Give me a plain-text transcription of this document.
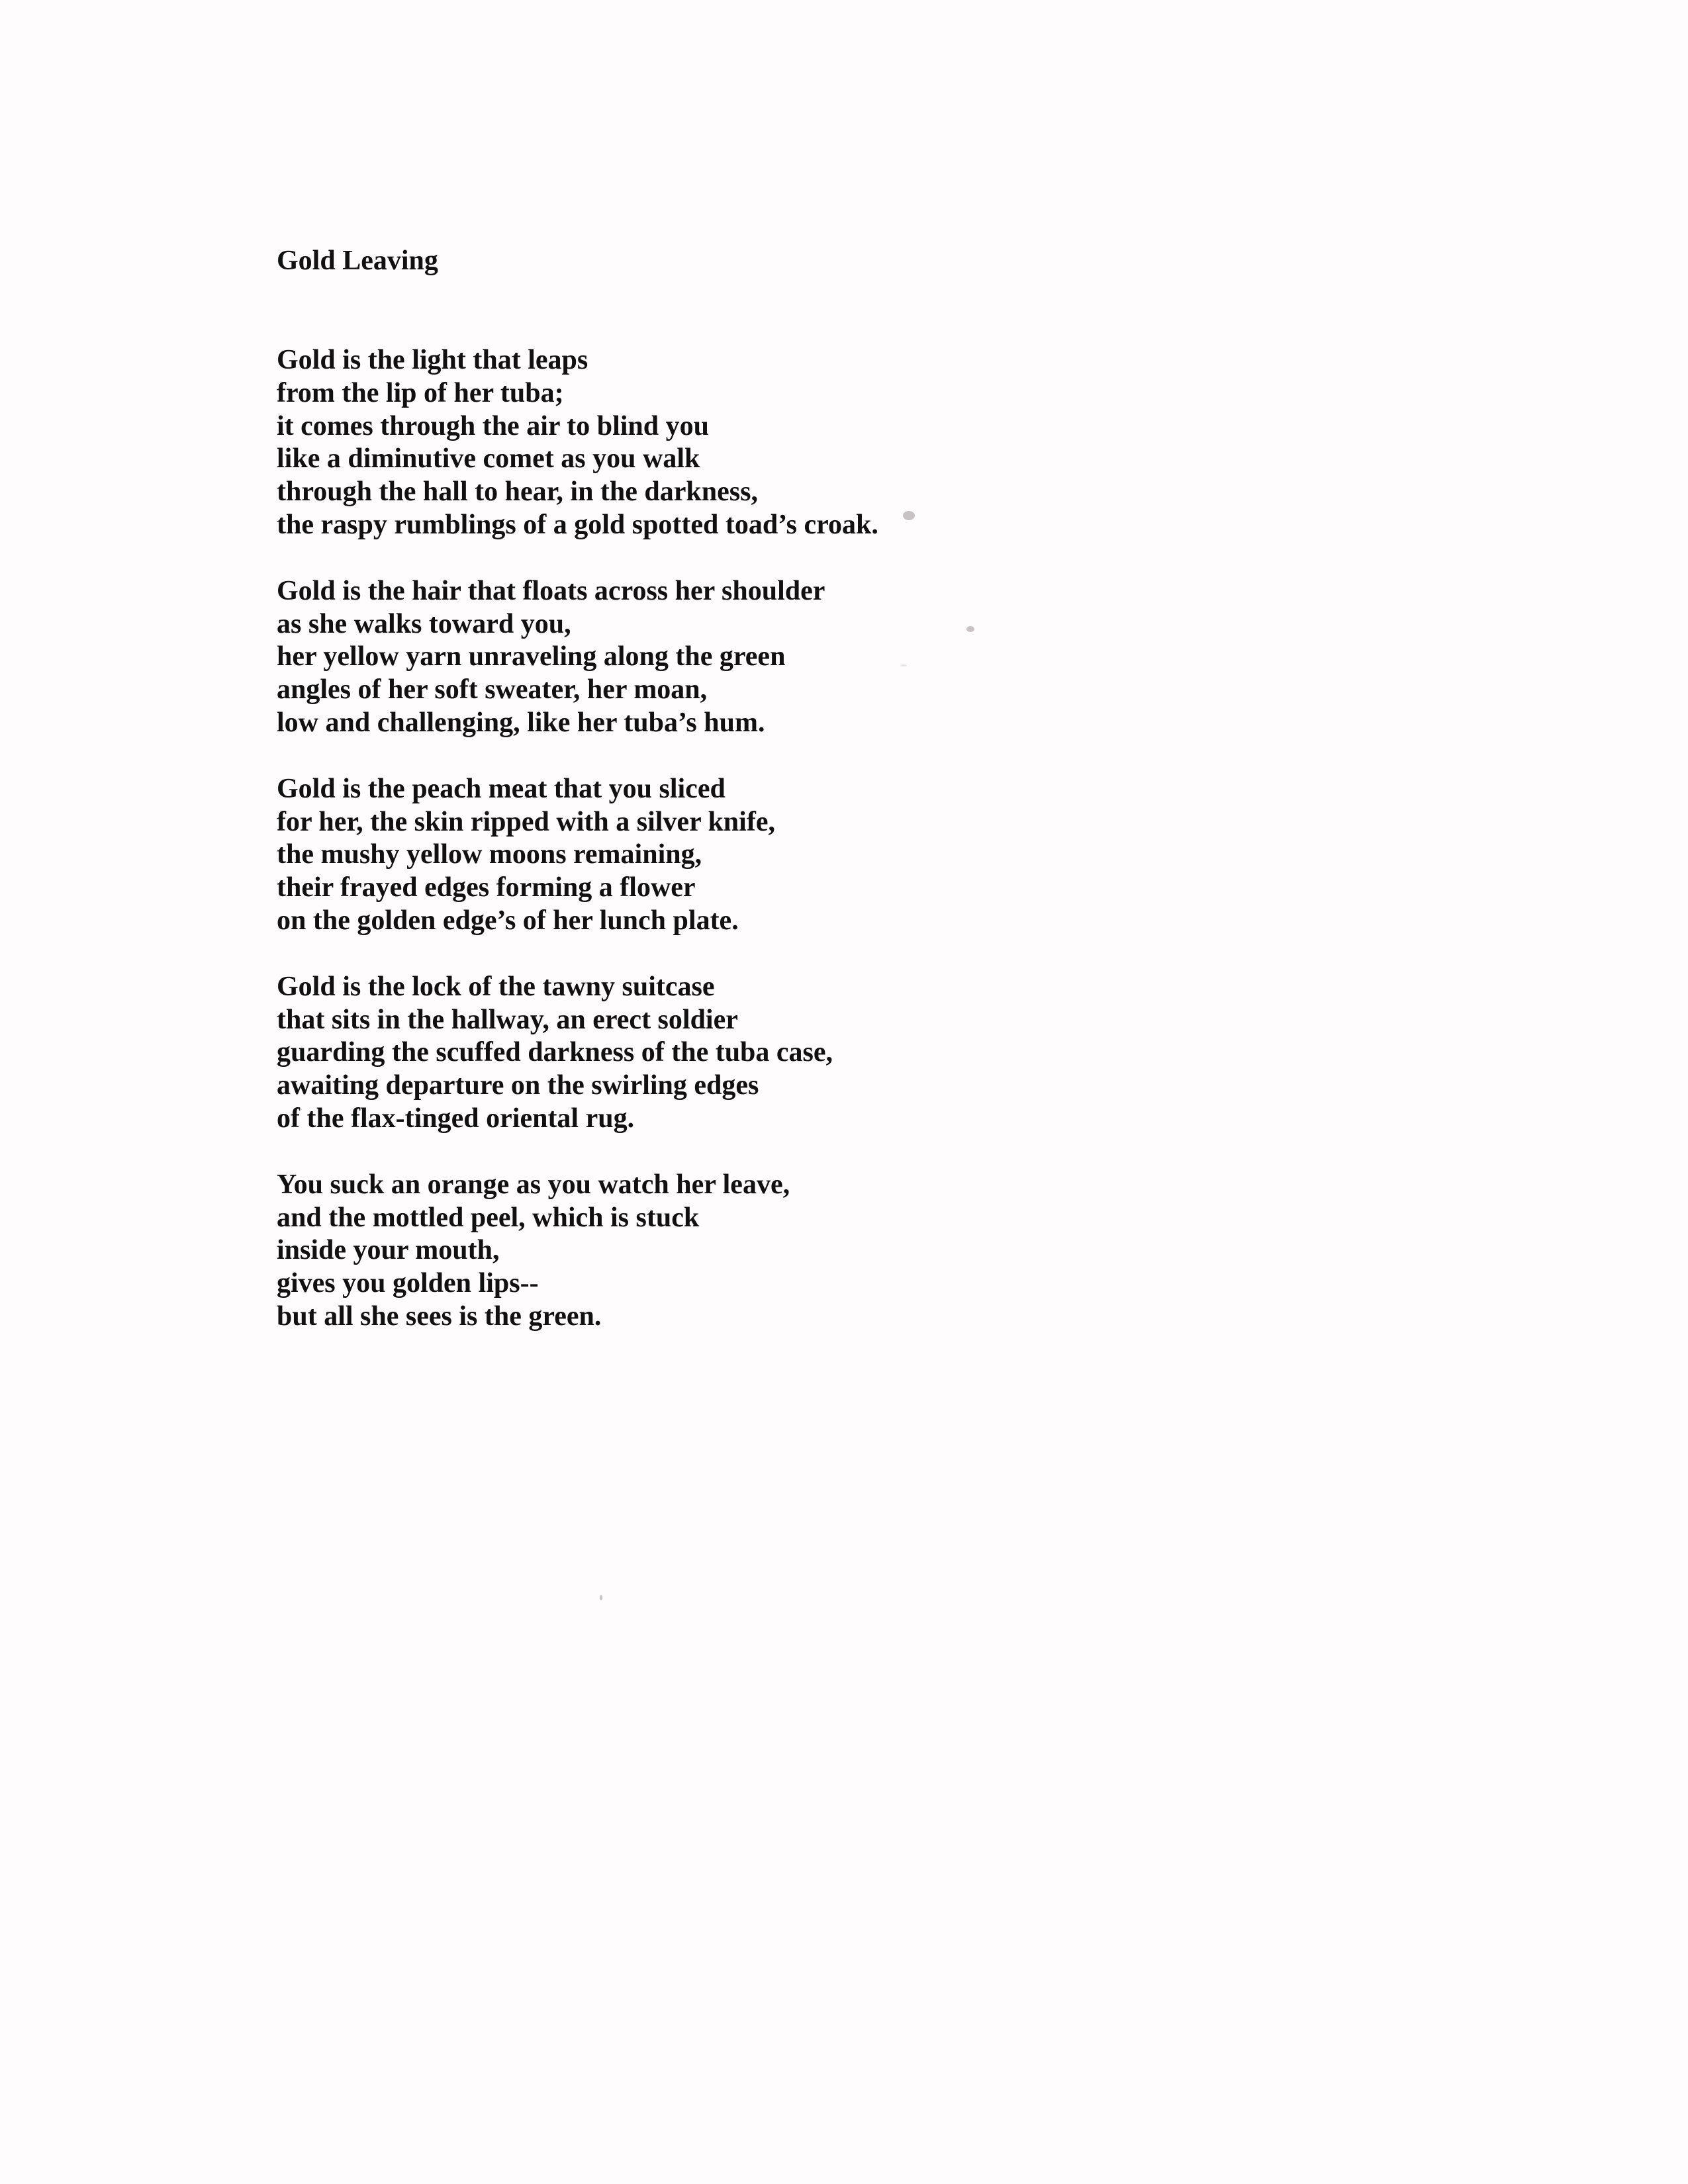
Gold Leaving
Gold is the light that leaps
from the lip of her tuba;
it comes through the air to blind you
like a diminutive comet as you walk
through the hall to hear, in the darkness,
the raspy rumblings of a gold spotted toad’s croak.
Gold is the hair that floats across her shoulder
as she walks toward you,
her yellow yarn unraveling along the green
angles of her soft sweater, her moan,
low and challenging, like her tuba’s hum.
Gold is the peach meat that you sliced
for her, the skin ripped with a silver knife,
the mushy yellow moons remaining,
their frayed edges forming a flower
on the golden edge’s of her lunch plate.
Gold is the lock of the tawny suitcase
that sits in the hallway, an erect soldier
guarding the scuffed darkness of the tuba case,
awaiting departure on the swirling edges
of the flax-tinged oriental rug.
You suck an orange as you watch her leave,
and the mottled peel, which is stuck
inside your mouth,
gives you golden lips--
but all she sees is the green.
